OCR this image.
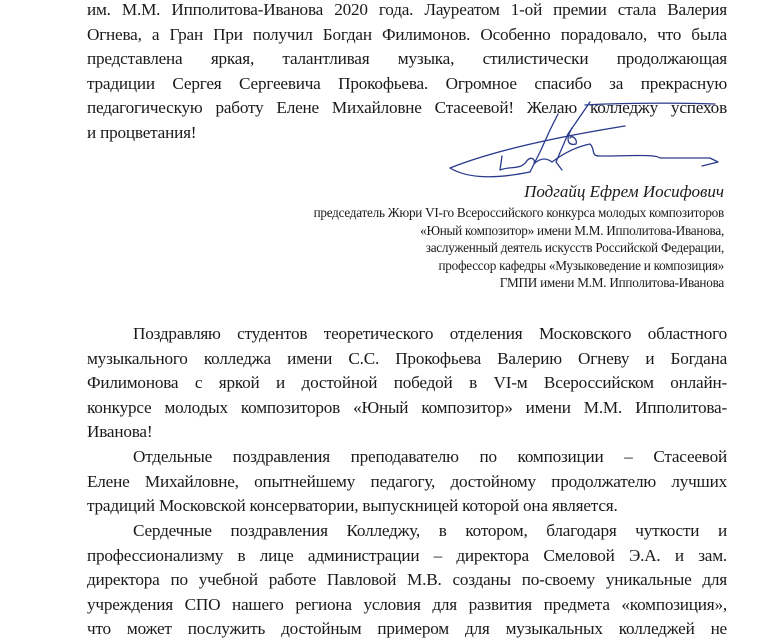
им. М.М. Ипполитова-Иванова 2020 года. Лауреатом 1-ой премии стала Валерия
Огнева, а Гран При получил Богдан Филимонов. Особенно порадовало, что была
представлена яркая, талантливая музыка, стилистически продолжающая
традиции Сергея Сергеевича Прокофьева. Огромное спасибо за прекрасную
педагогическую работу Елене Михайловне Стасеевой! Желаю колледжу успехов
и процветания!
Подгайц Ефрем Иосифович
председатель Жюри VI-го Всероссийского конкурса молодых композиторов
«Юный композитор» имени М.М. Ипполитова-Иванова,
заслуженный деятель искусств Российской Федерации,
профессор кафедры «Музыковедение и композиция»
ГМПИ имени М.М. Ипполитова-Иванова
Поздравляю студентов теоретического отделения Московского областного
музыкального колледжа имени С.С. Прокофьева Валерию Огневу и Богдана
Филимонова с яркой и достойной победой в VI-м Всероссийском онлайн-
конкурсе молодых композиторов «Юный композитор» имени М.М. Ипполитова-
Иванова!
Отдельные поздравления преподавателю по композиции – Стасеевой
Елене Михайловне, опытнейшему педагогу, достойному продолжателю лучших
традиций Московской консерватории, выпускницей которой она является.
Сердечные поздравления Колледжу, в котором, благодаря чуткости и
профессионализму в лице администрации – директора Смеловой Э.А. и зам.
директора по учебной работе Павловой М.В. созданы по-своему уникальные для
учреждения СПО нашего региона условия для развития предмета «композиция»,
что может послужить достойным примером для музыкальных колледжей не
